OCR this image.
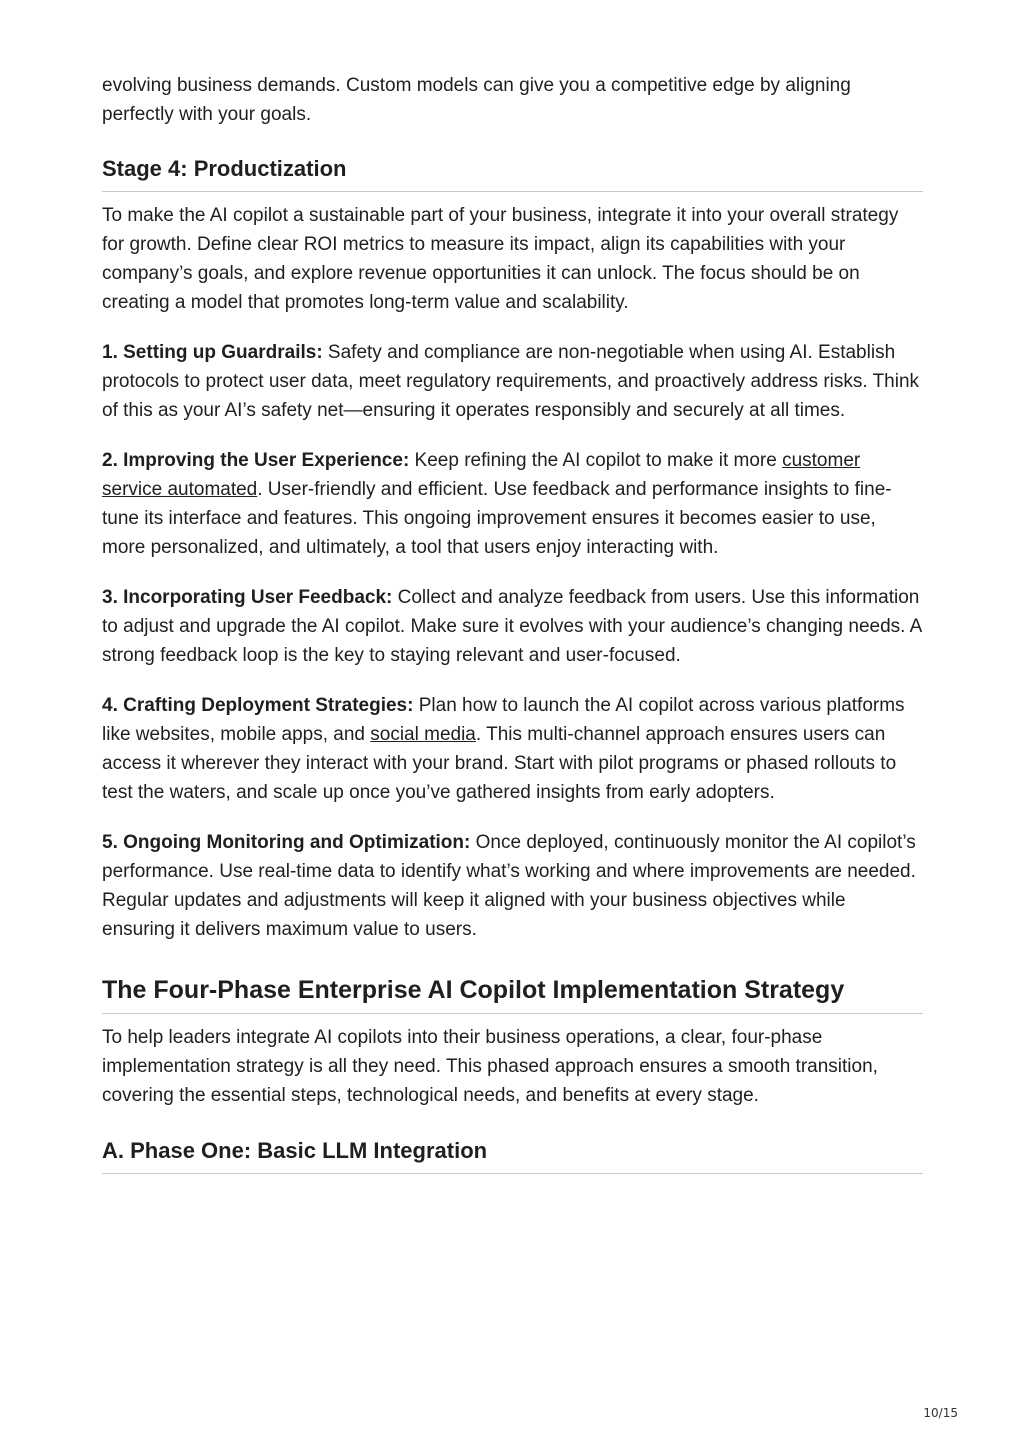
evolving business demands. Custom models can give you a competitive edge by aligning perfectly with your goals.

Stage 4: Productization

To make the AI copilot a sustainable part of your business, integrate it into your overall strategy for growth. Define clear ROI metrics to measure its impact, align its capabilities with your company’s goals, and explore revenue opportunities it can unlock. The focus should be on creating a model that promotes long-term value and scalability.

1. Setting up Guardrails: Safety and compliance are non-negotiable when using AI. Establish protocols to protect user data, meet regulatory requirements, and proactively address risks. Think of this as your AI’s safety net—ensuring it operates responsibly and securely at all times.

2. Improving the User Experience: Keep refining the AI copilot to make it more customer service automated. User-friendly and efficient. Use feedback and performance insights to fine-tune its interface and features. This ongoing improvement ensures it becomes easier to use, more personalized, and ultimately, a tool that users enjoy interacting with.

3. Incorporating User Feedback: Collect and analyze feedback from users. Use this information to adjust and upgrade the AI copilot. Make sure it evolves with your audience’s changing needs. A strong feedback loop is the key to staying relevant and user-focused.

4. Crafting Deployment Strategies: Plan how to launch the AI copilot across various platforms like websites, mobile apps, and social media. This multi-channel approach ensures users can access it wherever they interact with your brand. Start with pilot programs or phased rollouts to test the waters, and scale up once you’ve gathered insights from early adopters.

5. Ongoing Monitoring and Optimization: Once deployed, continuously monitor the AI copilot’s performance. Use real-time data to identify what’s working and where improvements are needed. Regular updates and adjustments will keep it aligned with your business objectives while ensuring it delivers maximum value to users.

The Four-Phase Enterprise AI Copilot Implementation Strategy

To help leaders integrate AI copilots into their business operations, a clear, four-phase implementation strategy is all they need. This phased approach ensures a smooth transition, covering the essential steps, technological needs, and benefits at every stage.

A. Phase One: Basic LLM Integration
10/15
